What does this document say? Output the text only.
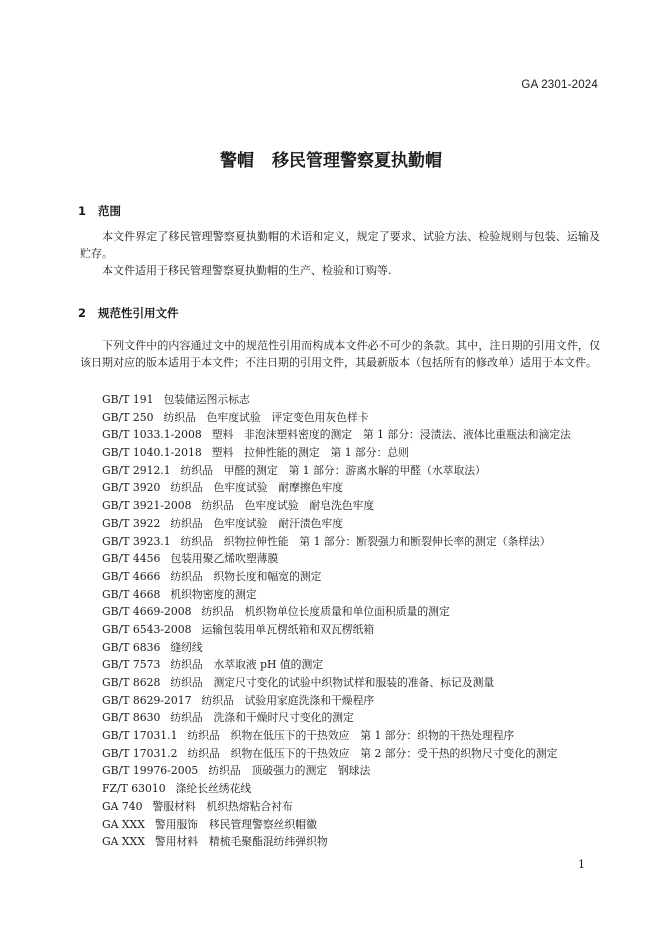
GA 2301-2024
警帽 移民管理警察夏执勤帽
1 范围

本文件界定了移民管理警察夏执勤帽的术语和定义，规定了要求、试验方法、检验规则与包装、运输及贮存。

本文件适用于移民管理警察夏执勤帽的生产、检验和订购等.

2 规范性引用文件

下列文件中的内容通过文中的规范性引用而构成本文件必不可少的条款。其中，注日期的引用文件，仅该日期对应的版本适用于本文件；不注日期的引用文件，其最新版本（包括所有的修改单）适用于本文件。

GB/T 191 包装储运图示标志
GB/T 250 纺织品　色牢度试验　评定变色用灰色样卡
GB/T 1033.1-2008 塑料　非泡沫塑料密度的测定　第 1 部分：浸渍法、液体比重瓶法和滴定法
GB/T 1040.1-2018 塑料　拉伸性能的测定　第 1 部分：总则
GB/T 2912.1 纺织品　甲醛的测定　第 1 部分：游离水解的甲醛（水萃取法）
GB/T 3920 纺织品　色牢度试验　耐摩擦色牢度
GB/T 3921-2008 纺织品　色牢度试验　耐皂洗色牢度
GB/T 3922 纺织品　色牢度试验　耐汗渍色牢度
GB/T 3923.1 纺织品　织物拉伸性能　第 1 部分：断裂强力和断裂伸长率的测定（条样法）
GB/T 4456 包装用聚乙烯吹塑薄膜
GB/T 4666 纺织品　织物长度和幅宽的测定
GB/T 4668 机织物密度的测定
GB/T 4669-2008 纺织品　机织物单位长度质量和单位面积质量的测定
GB/T 6543-2008 运输包装用单瓦楞纸箱和双瓦楞纸箱
GB/T 6836 缝纫线
GB/T 7573 纺织品　水萃取液 pH 值的测定
GB/T 8628 纺织品　测定尺寸变化的试验中织物试样和服装的准备、标记及测量
GB/T 8629-2017 纺织品　试验用家庭洗涤和干燥程序
GB/T 8630 纺织品　洗涤和干燥时尺寸变化的测定
GB/T 17031.1 纺织品　织物在低压下的干热效应　第 1 部分：织物的干热处理程序
GB/T 17031.2 纺织品　织物在低压下的干热效应　第 2 部分：受干热的织物尺寸变化的测定
GB/T 19976-2005 纺织品　顶破强力的测定　钢球法
FZ/T 63010 涤纶长丝绣花线
GA 740 警服材料　机织热熔粘合衬布
GA XXX 警用服饰　移民管理警察丝织帽徽
GA XXX 警用材料　精梳毛聚酯混纺纬弹织物
1
